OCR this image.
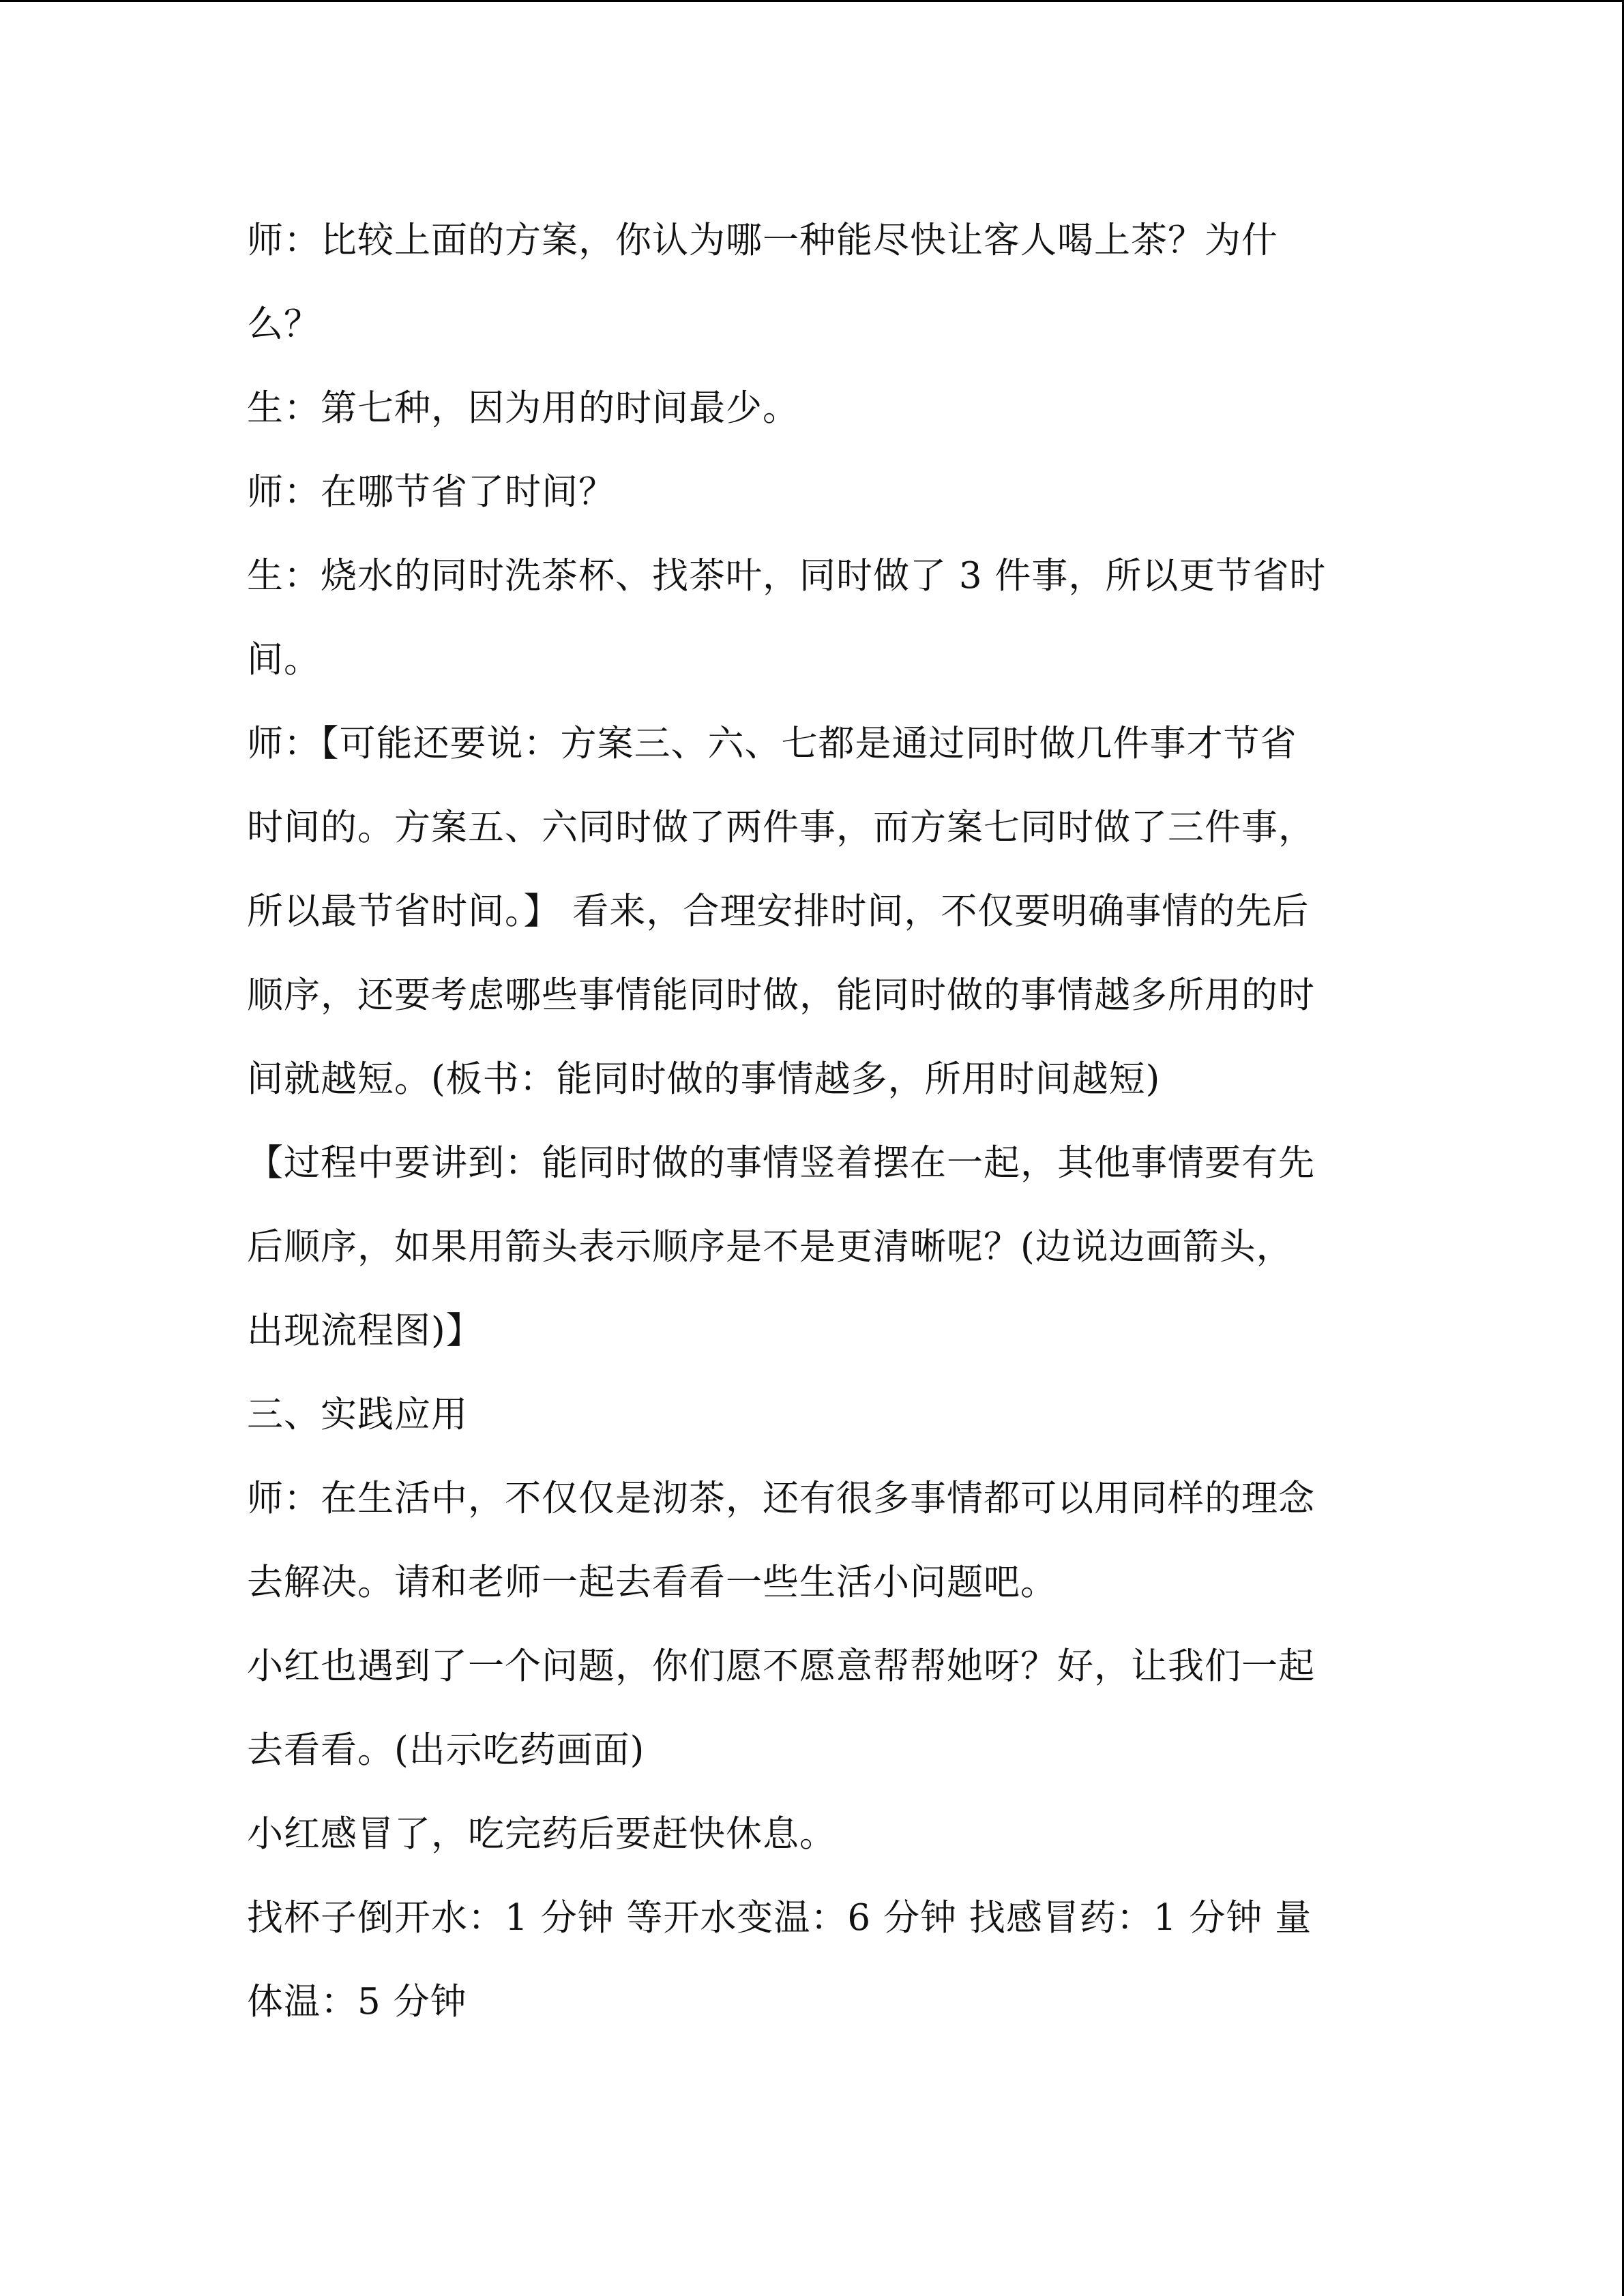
师：比较上面的方案，你认为哪一种能尽快让客人喝上茶？为什
么？
生：第七种，因为用的时间最少。
师：在哪节省了时间？
生：烧水的同时洗茶杯、找茶叶，同时做了 3 件事，所以更节省时
间。
师：【可能还要说：方案三、六、七都是通过同时做几件事才节省
时间的。方案五、六同时做了两件事，而方案七同时做了三件事，
所以最节省时间。】 看来，合理安排时间，不仅要明确事情的先后
顺序，还要考虑哪些事情能同时做，能同时做的事情越多所用的时
间就越短。(板书：能同时做的事情越多，所用时间越短)
【过程中要讲到：能同时做的事情竖着摆在一起，其他事情要有先
后顺序，如果用箭头表示顺序是不是更清晰呢？(边说边画箭头，
出现流程图)】
三、实践应用
师：在生活中，不仅仅是沏茶，还有很多事情都可以用同样的理念
去解决。请和老师一起去看看一些生活小问题吧。
小红也遇到了一个问题，你们愿不愿意帮帮她呀？好，让我们一起
去看看。(出示吃药画面)
小红感冒了，吃完药后要赶快休息。
找杯子倒开水：1 分钟 等开水变温：6 分钟 找感冒药：1 分钟 量
体温：5 分钟
